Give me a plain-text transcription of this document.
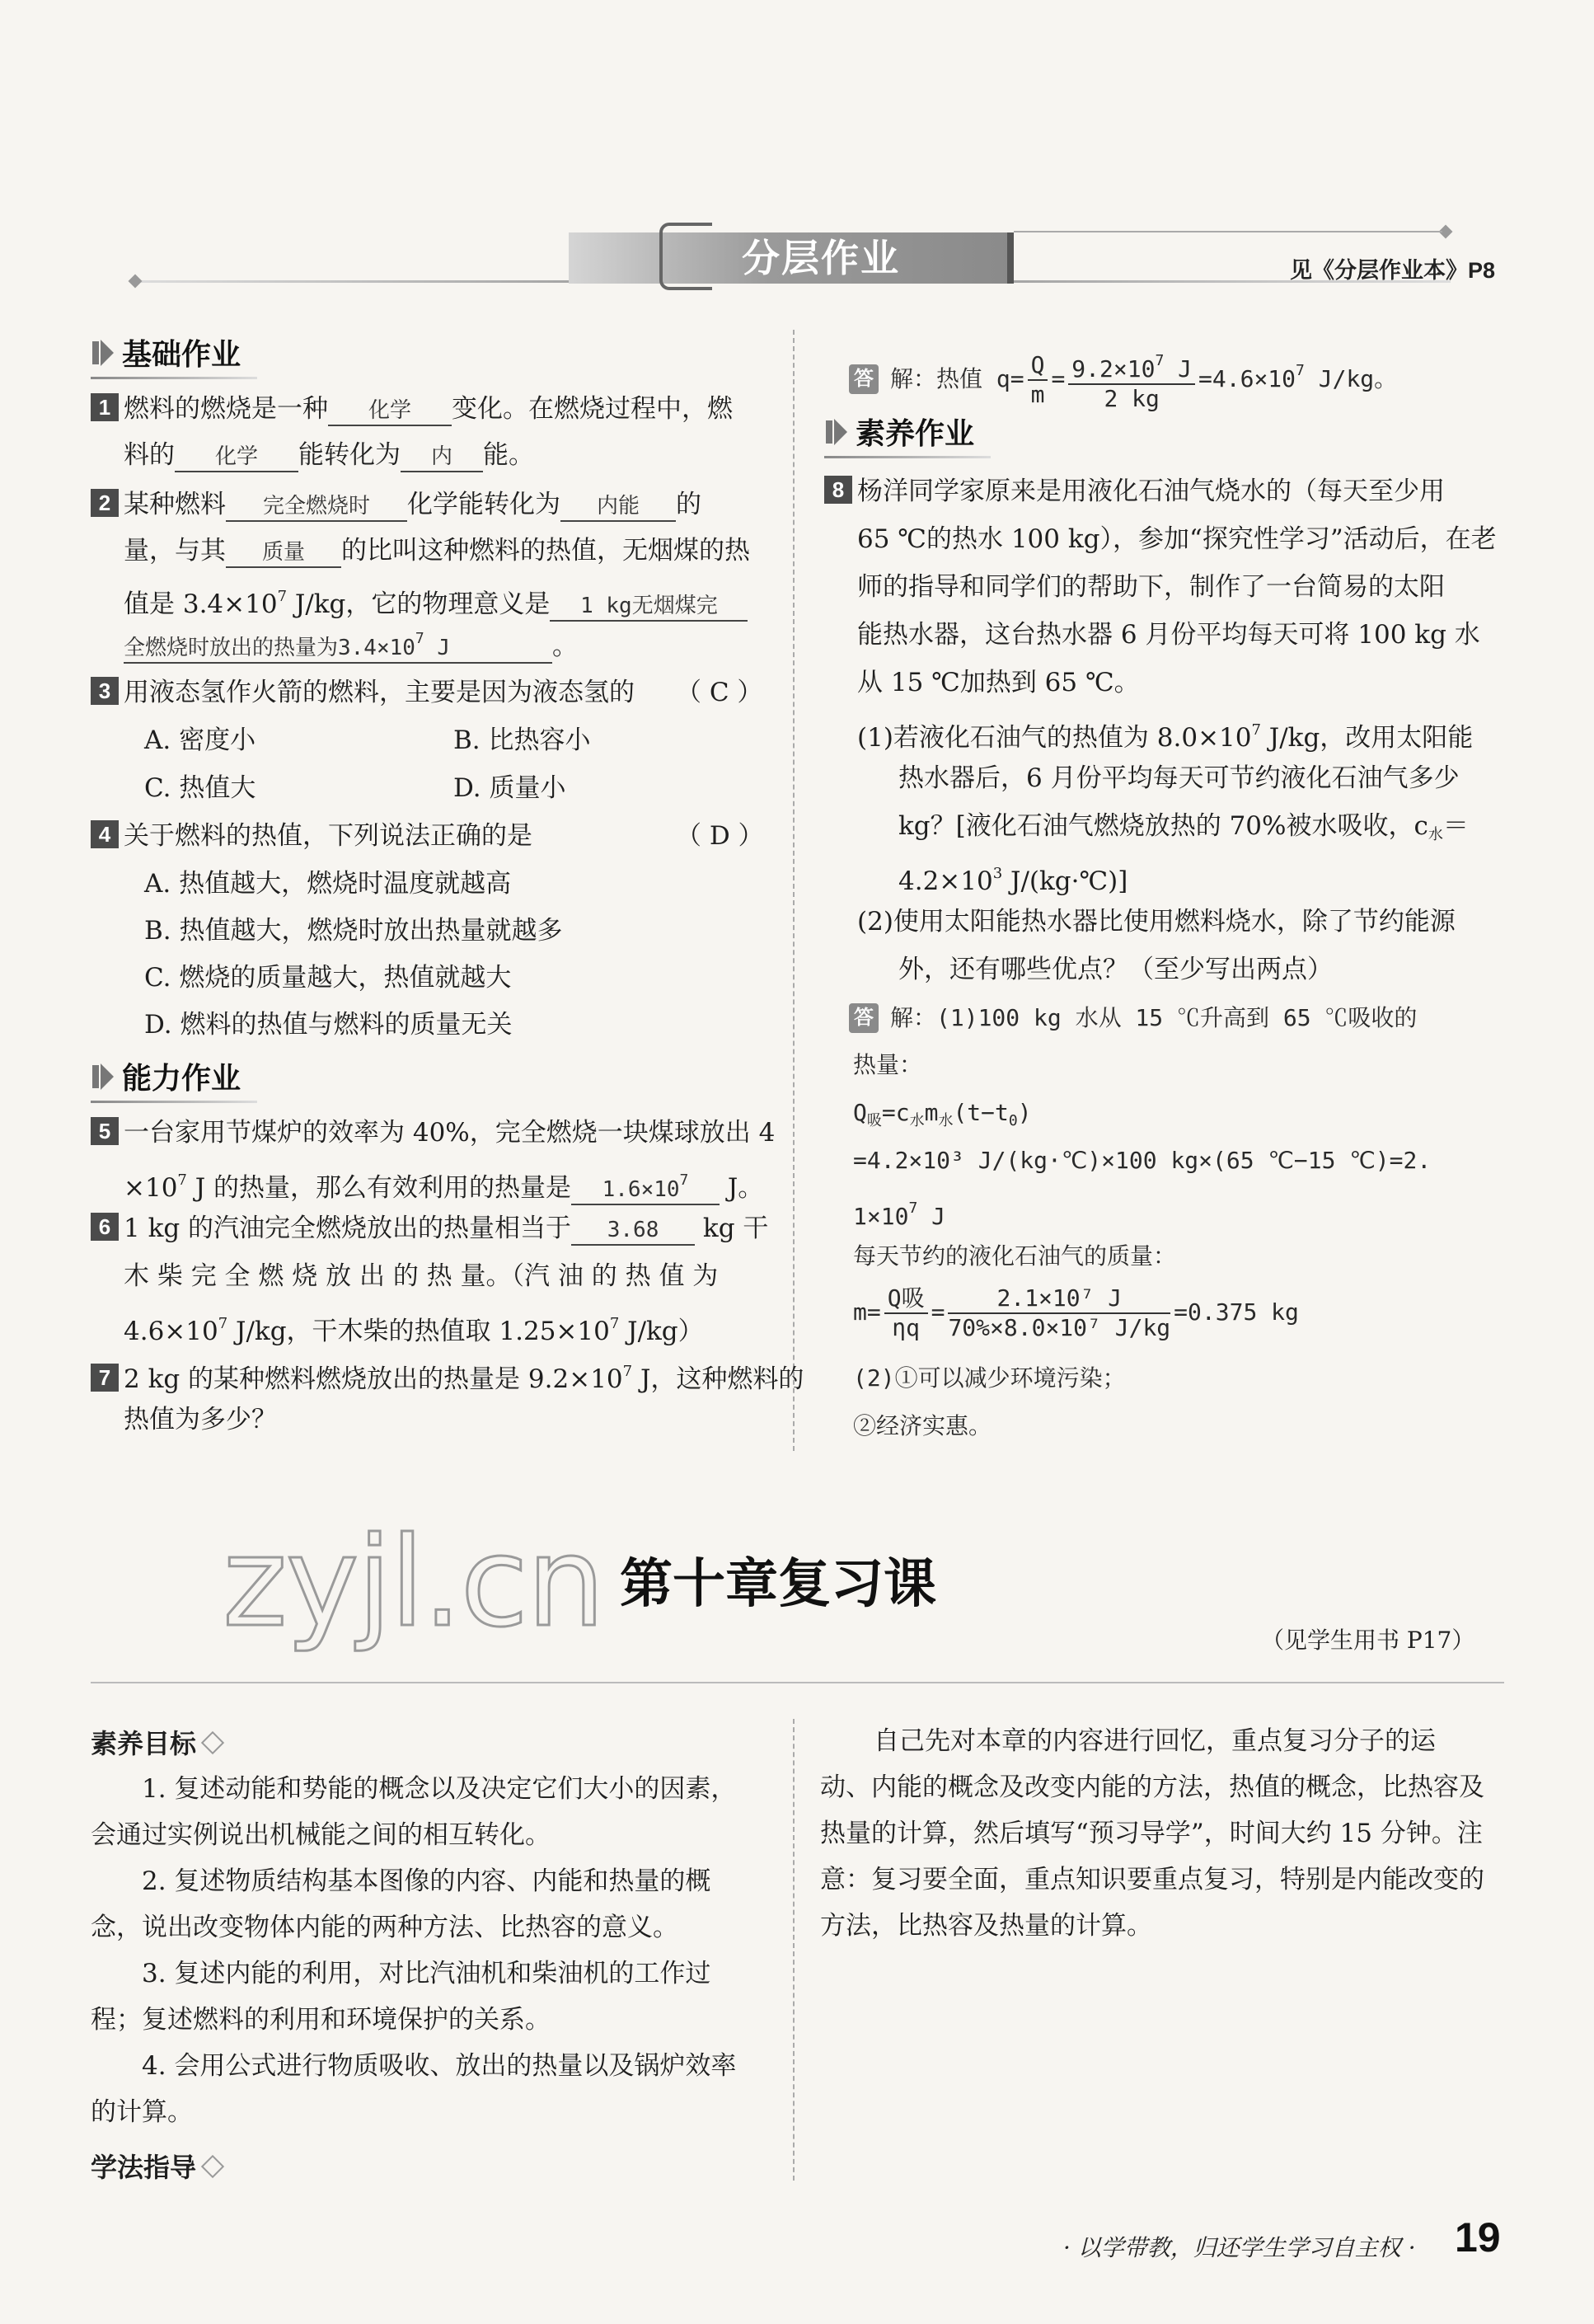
分层作业	见《分层作业本》P8
基础作业
1 燃料的燃烧是一种 化学 变化。在燃烧过程中，燃
料的 化学 能转化为 内 能。
2 某种燃料 完全燃烧时 化学能转化为 内能 的
量，与其 质量 的比叫这种燃料的热值，无烟煤的热
值是 $3.4\times 10^7$ J/kg，它的物理意义是 1 kg无烟煤完
全燃烧时放出的热量为$3.4\times 10^7$ J	。
3 用液态氢作火箭的燃料，主要是因为液态氢的 （ C ）
A. 密度小	B. 比热容小
C. 热值大	D. 质量小
4 关于燃料的热值，下列说法正确的是	（ D ）
A. 热值越大，燃烧时温度就越高
B. 热值越大，燃烧时放出热量就越多
C. 燃烧的质量越大，热值就越大
D. 燃料的热值与燃料的质量无关
能力作业
5 一台家用节煤炉的效率为 40%，完全燃烧一块煤球放出 4
$\times 10^7$ J 的热量，那么有效利用的热量是 $1.6\times 10^7$ J。
6 1 kg 的汽油完全燃烧放出的热量相当于 3.68 kg 干
木 柴 完 全 燃 烧 放 出 的 热 量。（汽 油 的 热 值 为
$4.6\times 10^7$ J/kg，干木柴的热值取 $1.25\times 10^7$ J/kg）
7 2 kg 的某种燃料燃烧放出的热量是 $9.2\times 10^7$ J，这种燃料的
热值为多少？
答 解：热值 $q= \frac{Q}{m} = \frac{9.2\times 10^7 J}{2 kg} =4.6\times 10^7$ J/kg。
素养作业
8 杨洋同学家原来是用液化石油气烧水的（每天至少用
65 ℃的热水 100 kg），参加“探究性学习”活动后，在老
师的指导和同学们的帮助下，制作了一台简易的太阳
能热水器，这台热水器 6 月份平均每天可将 100 kg 水
从 15 ℃加热到 65 ℃。
(1)若液化石油气的热值为 $8.0\times 10^7$ J/kg，改用太阳能
热水器后，6 月份平均每天可节约液化石油气多少
kg？[液化石油气燃烧放热的 70%被水吸收，$c_水=$
$4.2\times 10^3$ J/(kg·℃)]
(2)使用太阳能热水器比使用燃料烧水，除了节约能源
外，还有哪些优点？（至少写出两点）
答 解：(1)100 kg 水从 15 ℃升高到 65 ℃吸收的
热量：
$Q_吸=c_水m_水(t-t_0)$
=4.2×10³ J/(kg·℃)×100 kg×(65 ℃−15 ℃)=2.
$1\times 10^7$ J
每天节约的液化石油气的质量：
$m= \frac{\text{Q吸}}{\eta q} = \frac{\text{2.1×10⁷ J}}{\text{70\%×8.0×10⁷ J/kg}} =0.375$ kg
(2)①可以减少环境污染；
②经济实惠。
zyjl.cn 第十章复习课
（见学生用书 P17）
素养目标
1. 复述动能和势能的概念以及决定它们大小的因素，
会通过实例说出机械能之间的相互转化。
2. 复述物质结构基本图像的内容、内能和热量的概
念，说出改变物体内能的两种方法、比热容的意义。
3. 复述内能的利用，对比汽油机和柴油机的工作过
程；复述燃料的利用和环境保护的关系。
4. 会用公式进行物质吸收、放出的热量以及锅炉效率
的计算。
学法指导
自己先对本章的内容进行回忆，重点复习分子的运
动、内能的概念及改变内能的方法，热值的概念，比热容及
热量的计算，然后填写“预习导学”，时间大约 15 分钟。注
意：复习要全面，重点知识要重点复习，特别是内能改变的
方法，比热容及热量的计算。
· 以学带教，归还学生学习自主权 · 19
